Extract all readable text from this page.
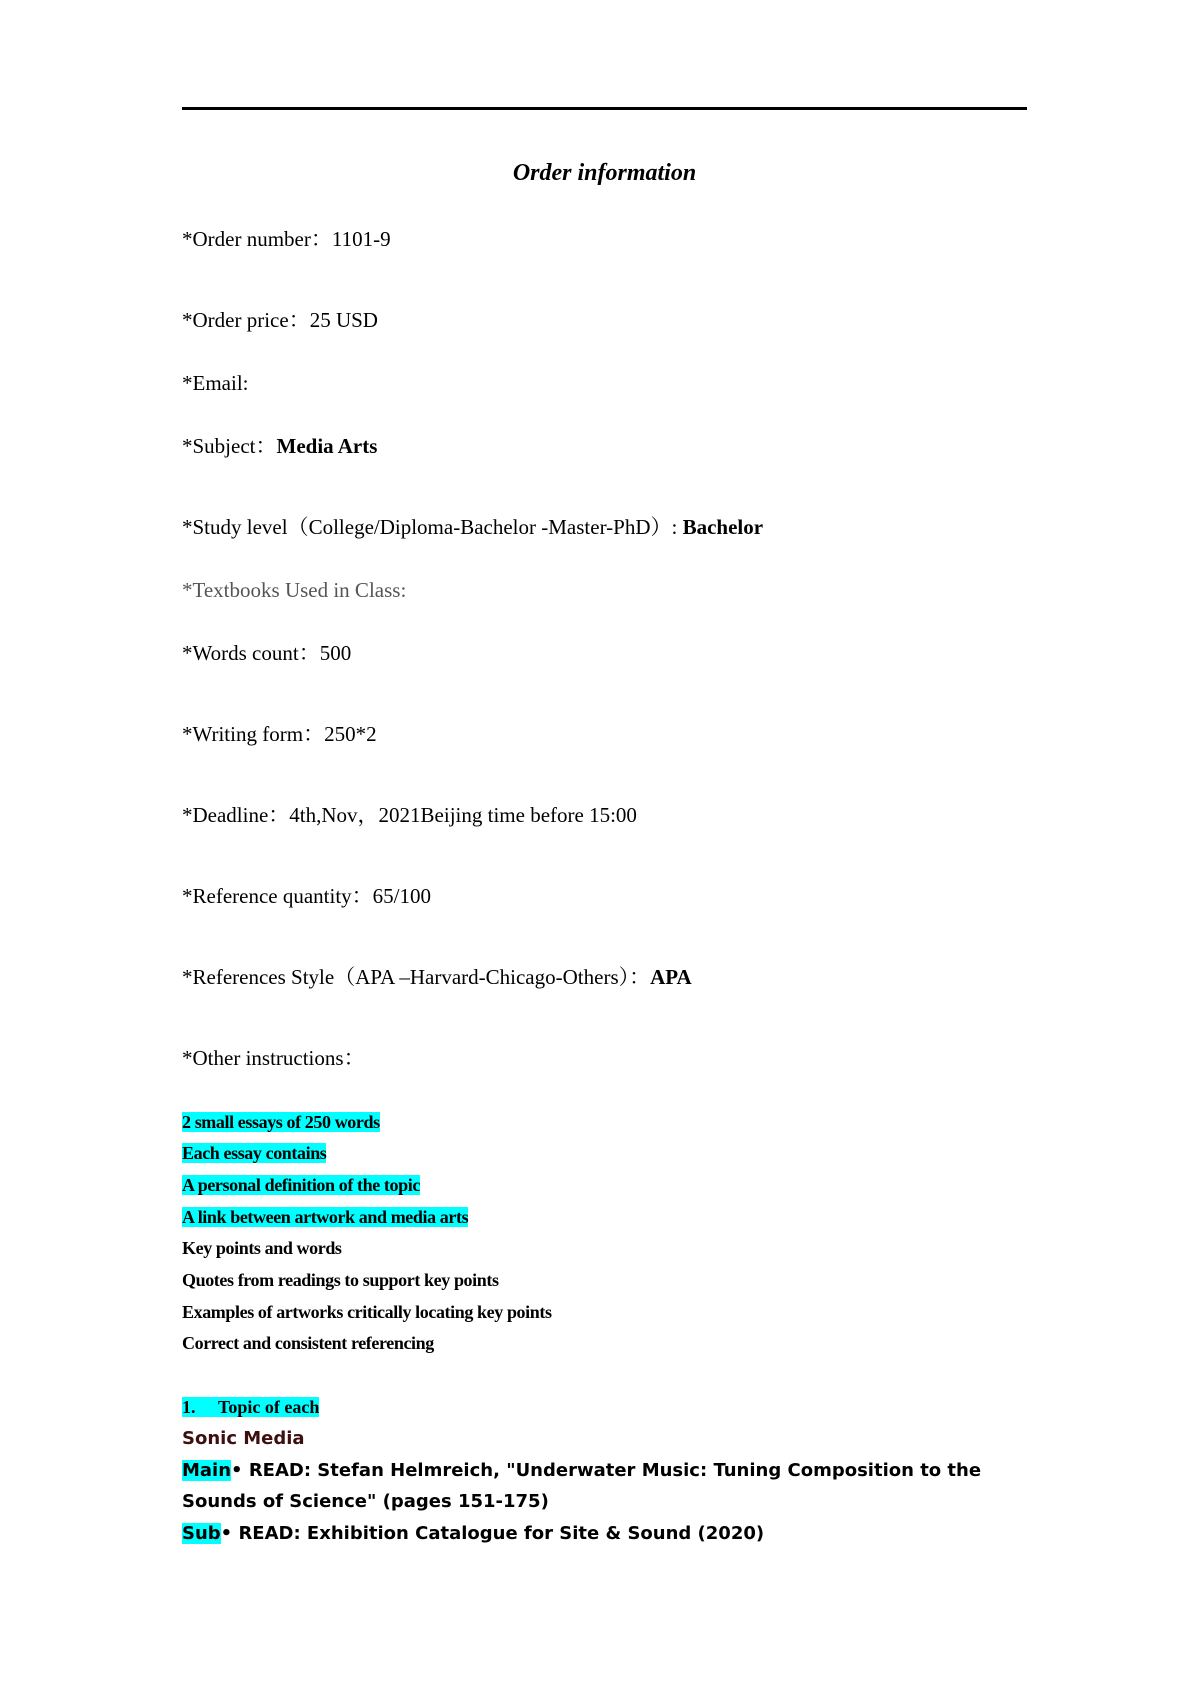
Order information
*Order number：1101-9
*Order price：25 USD
*Email:
*Subject：Media Arts
*Study level（College/Diploma-Bachelor -Master-PhD）: Bachelor
*Textbooks Used in Class:
*Words count：500
*Writing form：250*2
*Deadline：4th,Nov，2021Beijing time before 15:00
*Reference quantity：65/100
*References Style（APA –Harvard-Chicago-Others）：APA
*Other instructions：
2 small essays of 250 words
Each essay contains
A personal definition of the topic
A link between artwork and media arts
Key points and words
Quotes from readings to support key points
Examples of artworks critically locating key points
Correct and consistent referencing
1. Topic of each
Sonic Media
Main• READ: Stefan Helmreich, "Underwater Music: Tuning Composition to the
Sounds of Science" (pages 151-175)
Sub• READ: Exhibition Catalogue for Site & Sound (2020)
